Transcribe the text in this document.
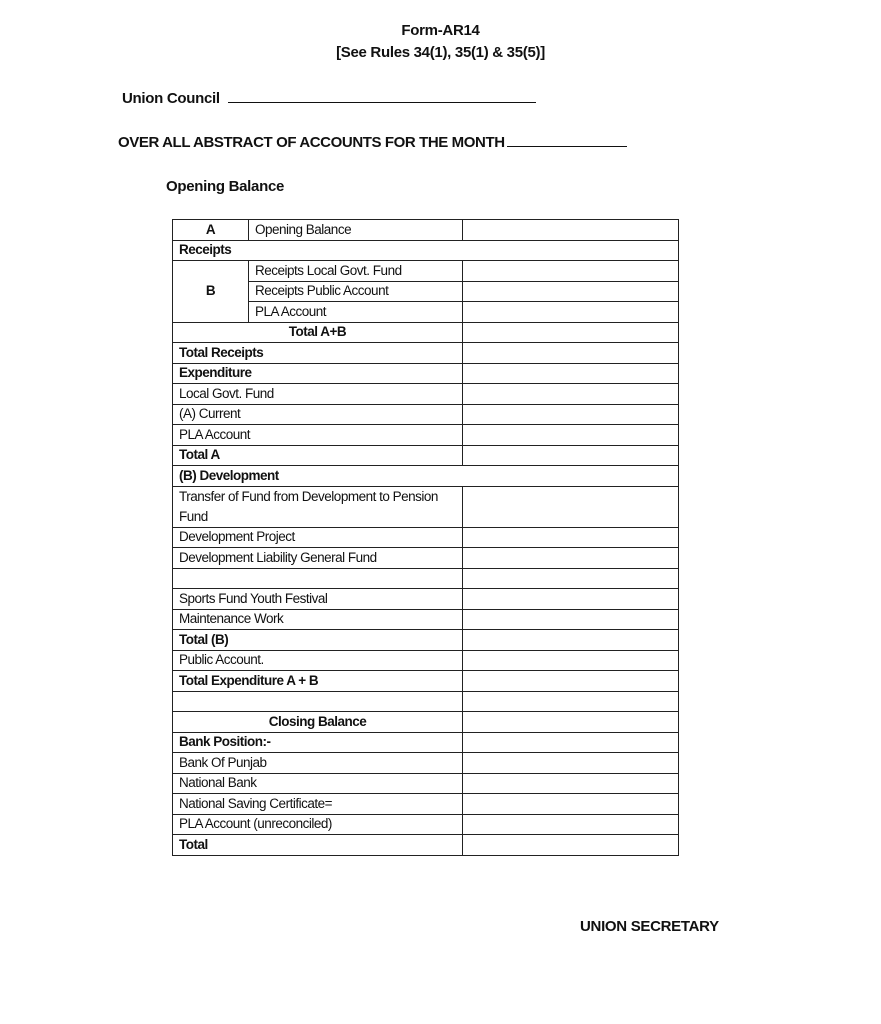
Form-AR14
[See Rules 34(1), 35(1) & 35(5)]
Union Council
OVER ALL ABSTRACT OF ACCOUNTS FOR THE MONTH
Opening Balance
A	Opening Balance	
Receipts		
B	Receipts Local Govt. Fund	
	Receipts Public Account	
	PLA Account	
Total A+B		
Total Receipts		
Expenditure		
Local Govt. Fund		
(A) Current		
PLA Account		
Total A		
(B) Development		
Transfer of Fund from Development to Pension Fund		
Development Project		
Development Liability General Fund		

Sports Fund Youth Festival		
Maintenance Work		
Total (B)		
Public Account.		
Total Expenditure A + B		

Closing Balance		
Bank Position:-		
Bank Of Punjab		
National Bank		
National Saving Certificate=		
PLA Account (unreconciled)		
Total		
UNION SECRETARY
